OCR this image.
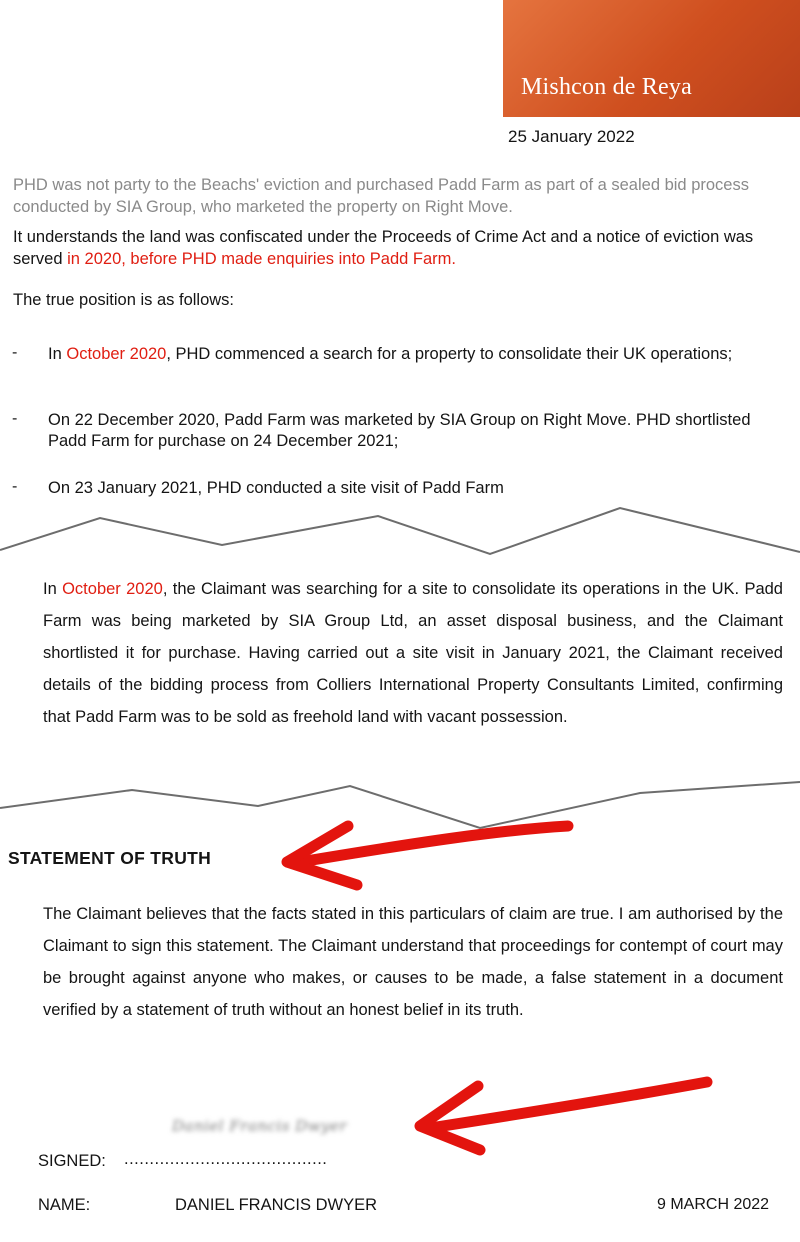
Mishcon de Reya
25 January 2022
PHD was not party to the Beachs' eviction and purchased Padd Farm as part of a sealed bid process conducted by SIA Group, who marketed the property on Right Move.
It understands the land was confiscated under the Proceeds of Crime Act and a notice of eviction was served in 2020, before PHD made enquiries into Padd Farm.
The true position is as follows:
- In October 2020, PHD commenced a search for a property to consolidate their UK operations;
- On 22 December 2020, Padd Farm was marketed by SIA Group on Right Move. PHD shortlisted Padd Farm for purchase on 24 December 2021;
- On 23 January 2021, PHD conducted a site visit of Padd Farm
In October 2020, the Claimant was searching for a site to consolidate its operations in the UK. Padd Farm was being marketed by SIA Group Ltd, an asset disposal business, and the Claimant shortlisted it for purchase. Having carried out a site visit in January 2021, the Claimant received details of the bidding process from Colliers International Property Consultants Limited, confirming that Padd Farm was to be sold as freehold land with vacant possession.
STATEMENT OF TRUTH
The Claimant believes that the facts stated in this particulars of claim are true. I am authorised by the Claimant to sign this statement. The Claimant understand that proceedings for contempt of court may be brought against anyone who makes, or causes to be made, a false statement in a document verified by a statement of truth without an honest belief in its truth.
Daniel Francis Dwyer
SIGNED: ........................................
NAME:	DANIEL FRANCIS DWYER	9 MARCH 2022
